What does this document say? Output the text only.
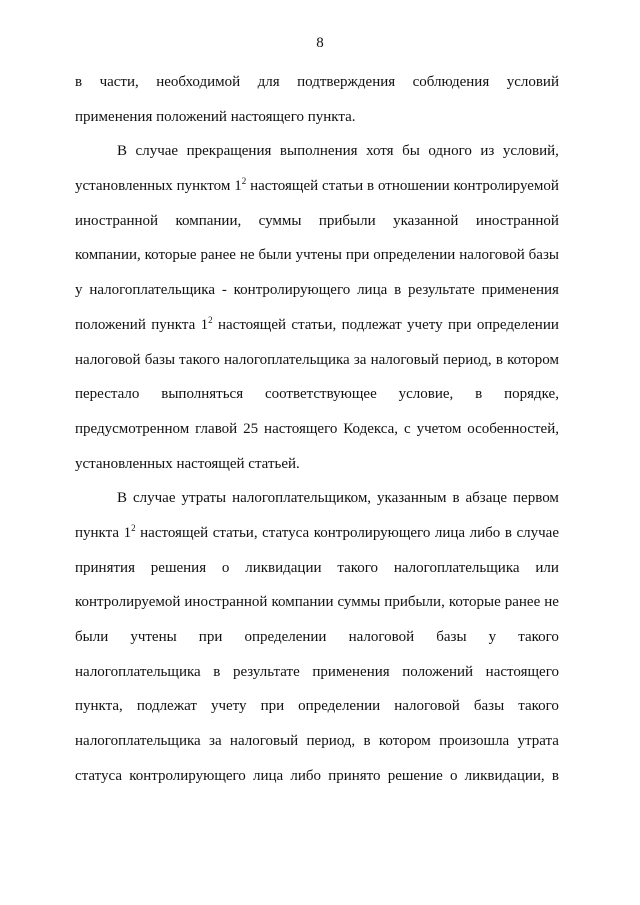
8
в части, необходимой для подтверждения соблюдения условий
применения положений настоящего пункта.
В случае прекращения выполнения хотя бы одного из условий,
установленных пунктом $1^2$ настоящей статьи в отношении контролируемой
иностранной компании, суммы прибыли указанной иностранной
компании, которые ранее не были учтены при определении налоговой базы
у налогоплательщика - контролирующего лица в результате применения
положений пункта $1^2$ настоящей статьи, подлежат учету при определении
налоговой базы такого налогоплательщика за налоговый период, в котором
перестало выполняться соответствующее условие, в порядке,
предусмотренном главой 25 настоящего Кодекса, с учетом особенностей,
установленных настоящей статьей.
В случае утраты налогоплательщиком, указанным в абзаце первом
пункта $1^2$ настоящей статьи, статуса контролирующего лица либо в случае
принятия решения о ликвидации такого налогоплательщика или
контролируемой иностранной компании суммы прибыли, которые ранее не
были учтены при определении налоговой базы у такого
налогоплательщика в результате применения положений настоящего
пункта, подлежат учету при определении налоговой базы такого
налогоплательщика за налоговый период, в котором произошла утрата
статуса контролирующего лица либо принято решение о ликвидации, в
